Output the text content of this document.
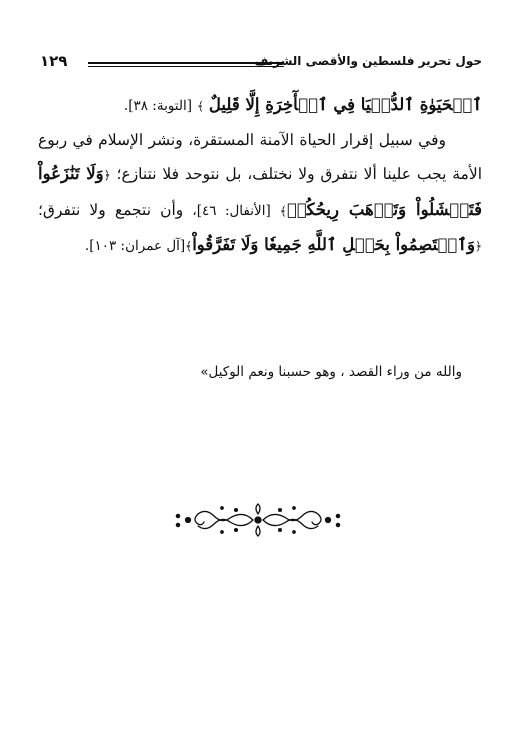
حول تحرير فلسطين والأقصى الشريف
١٢٩

ٱلۡحَيَوٰةِ ٱلدُّنۡيَا فِي ٱلۡأٓخِرَةِ إِلَّا قَلِيلٌ ﴾ [التوبة: ٣٨].

وفي سبيل إقرار الحياة الآمنة المستقرة، ونشر الإسلام في ربوع الأمة يجب علينا ألا نتفرق ولا نختلف، بل نتوحد فلا نتنازع؛ ﴿وَلَا تَنَٰزَعُواْ فَتَفۡشَلُواْ وَتَذۡهَبَ رِيحُكُمۡ﴾ [الأنفال: ٤٦]، وأن نتجمع ولا نتفرق؛ ﴿وَٱعۡتَصِمُواْ بِحَبۡلِ ٱللَّهِ جَمِيعٗا وَلَا تَفَرَّقُواْ﴾[آل عمران: ١٠٣].

والله من وراء القصد ، وهو حسبنا ونعم الوكيل»
